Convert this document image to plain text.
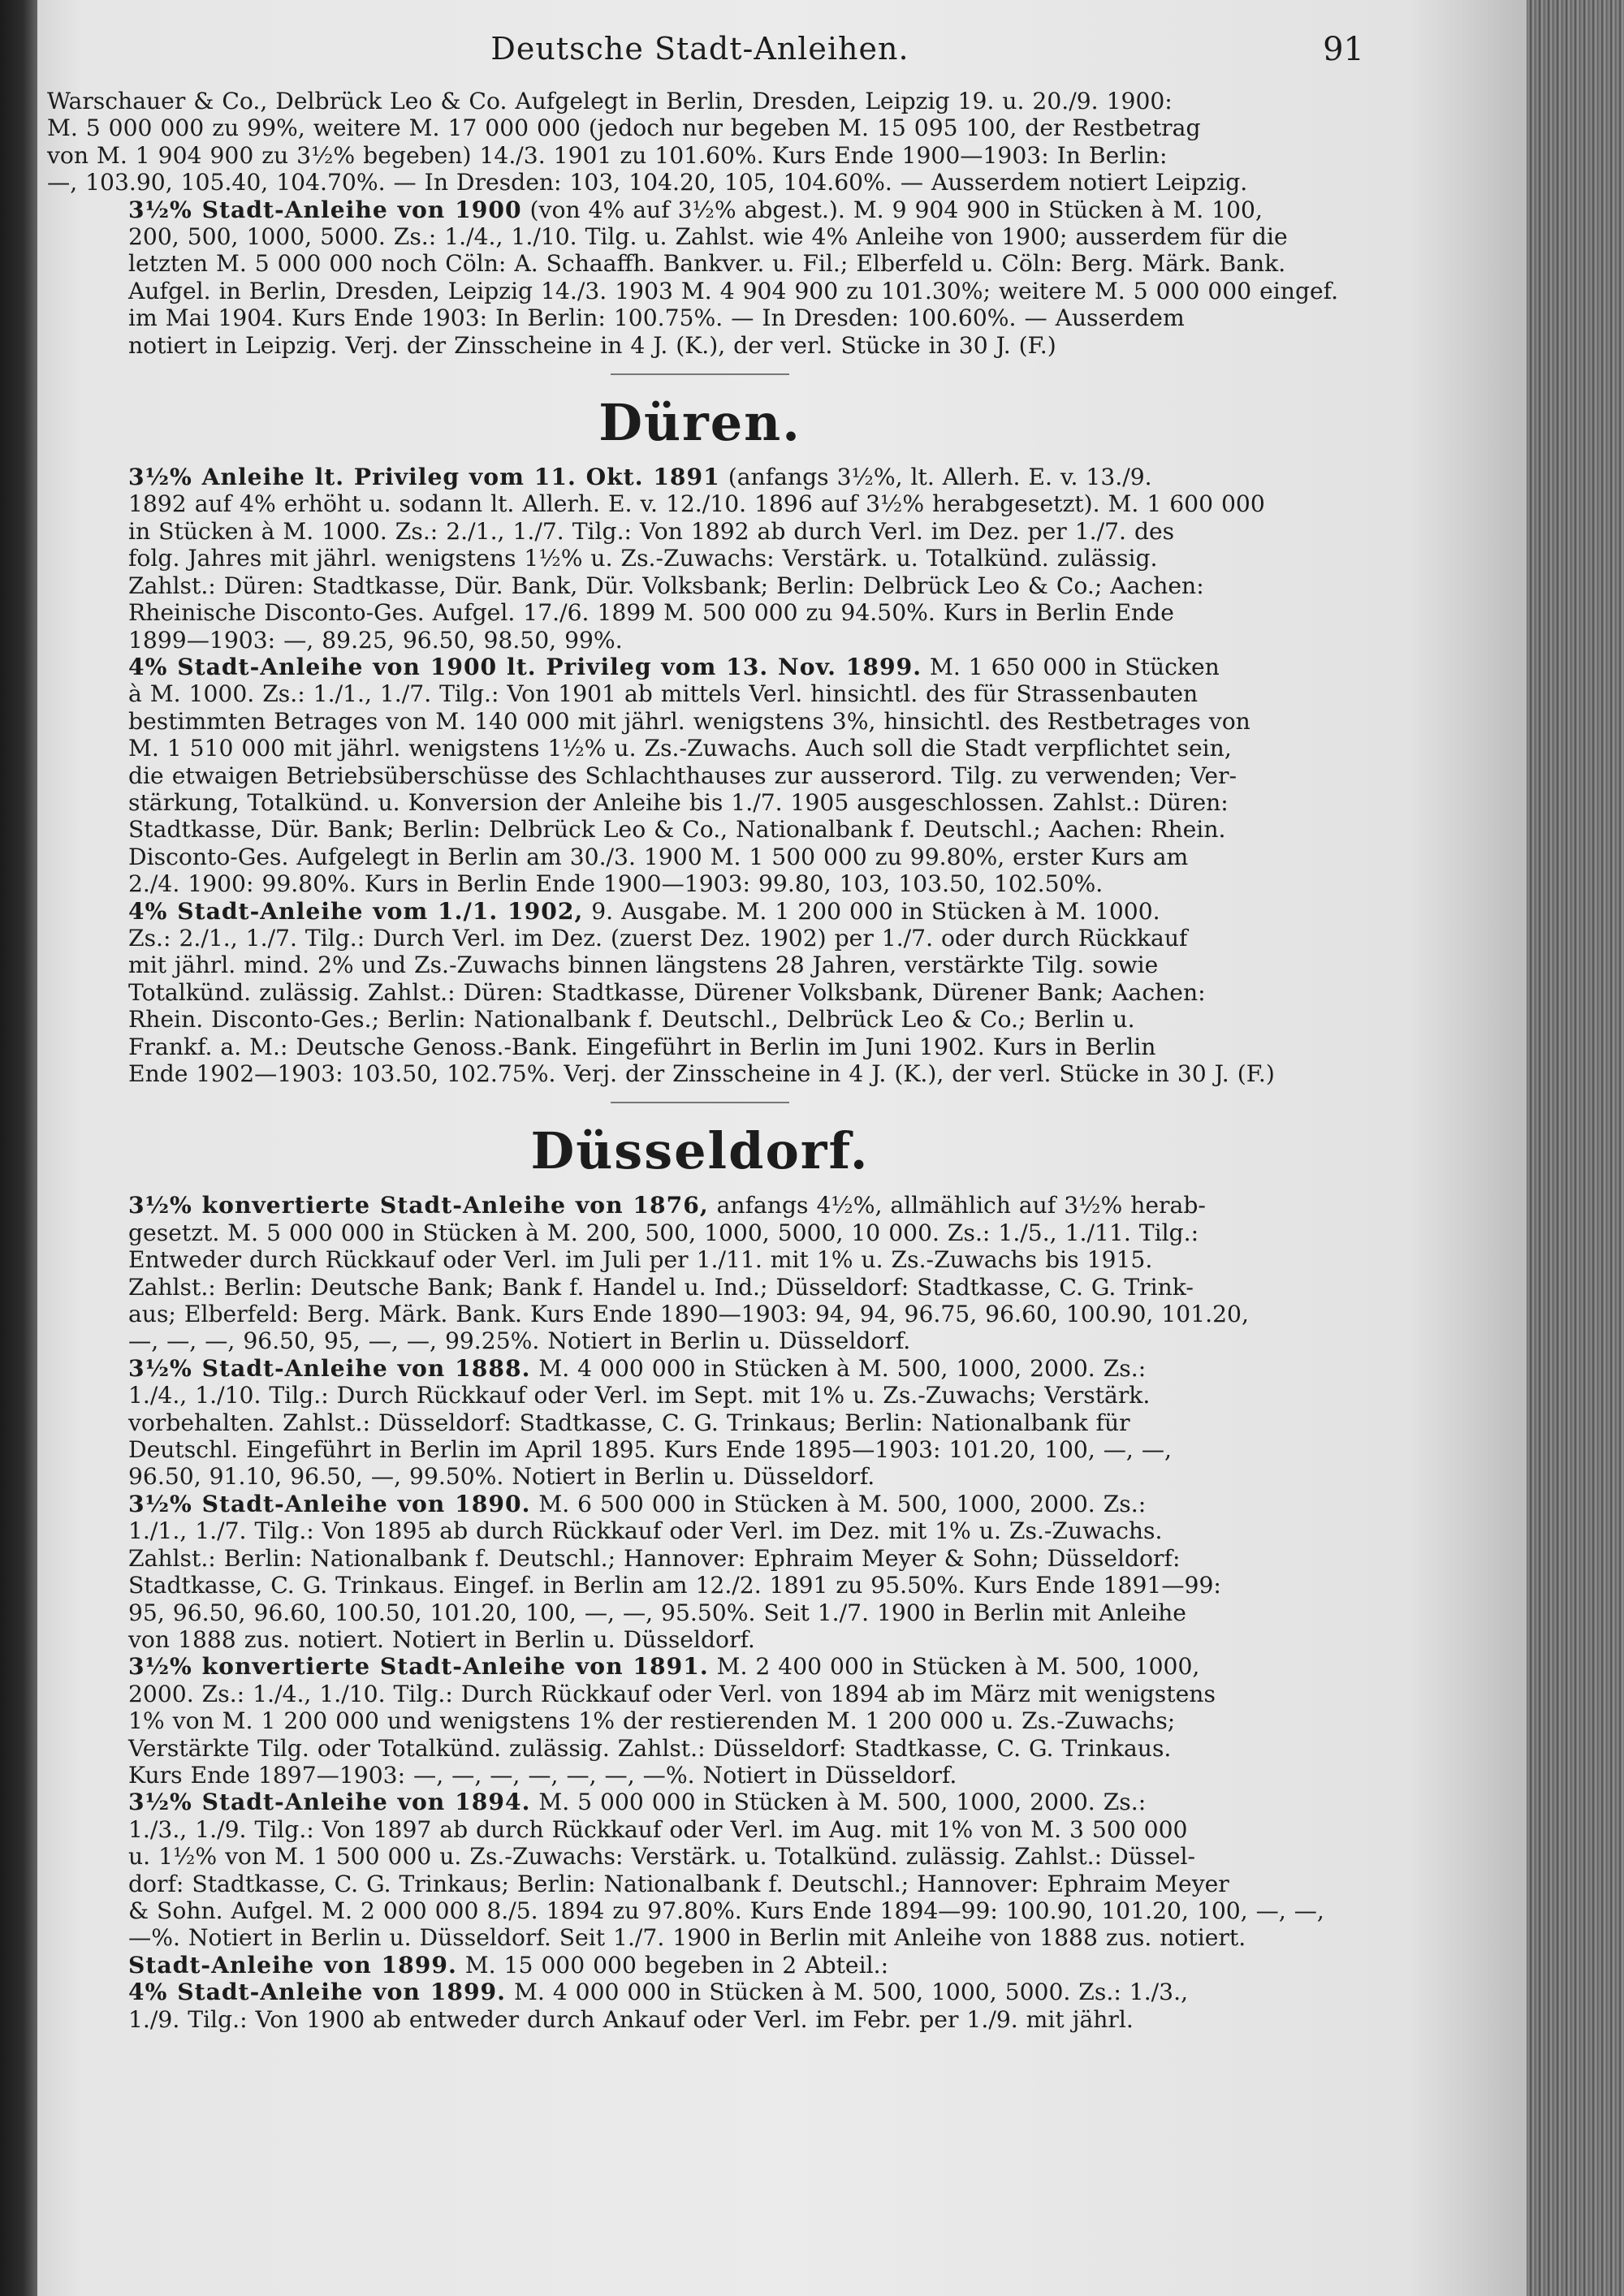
Deutsche Stadt-Anleihen.	91

Warschauer & Co., Delbrück Leo & Co. Aufgelegt in Berlin, Dresden, Leipzig 19. u. 20./9. 1900:
M. 5 000 000 zu 99%, weitere M. 17 000 000 (jedoch nur begeben M. 15 095 100, der Restbetrag
von M. 1 904 900 zu 3½% begeben) 14./3. 1901 zu 101.60%. Kurs Ende 1900—1903: In Berlin:
—, 103.90, 105.40, 104.70%. — In Dresden: 103, 104.20, 105, 104.60%. — Ausserdem notiert Leipzig.

3½% Stadt-Anleihe von 1900 (von 4% auf 3½% abgest.). M. 9 904 900 in Stücken à M. 100,
200, 500, 1000, 5000. Zs.: 1./4., 1./10. Tilg. u. Zahlst. wie 4% Anleihe von 1900; ausserdem für die
letzten M. 5 000 000 noch Cöln: A. Schaaffh. Bankver. u. Fil.; Elberfeld u. Cöln: Berg. Märk. Bank.
Aufgel. in Berlin, Dresden, Leipzig 14./3. 1903 M. 4 904 900 zu 101.30%; weitere M. 5 000 000 eingef.
im Mai 1904. Kurs Ende 1903: In Berlin: 100.75%. — In Dresden: 100.60%. — Ausserdem
notiert in Leipzig. Verj. der Zinsscheine in 4 J. (K.), der verl. Stücke in 30 J. (F.)

Düren.

3½% Anleihe lt. Privileg vom 11. Okt. 1891 (anfangs 3½%, lt. Allerh. E. v. 13./9.
1892 auf 4% erhöht u. sodann lt. Allerh. E. v. 12./10. 1896 auf 3½% herabgesetzt). M. 1 600 000
in Stücken à M. 1000. Zs.: 2./1., 1./7. Tilg.: Von 1892 ab durch Verl. im Dez. per 1./7. des
folg. Jahres mit jährl. wenigstens 1½% u. Zs.-Zuwachs: Verstärk. u. Totalkünd. zulässig.
Zahlst.: Düren: Stadtkasse, Dür. Bank, Dür. Volksbank; Berlin: Delbrück Leo & Co.; Aachen:
Rheinische Disconto-Ges. Aufgel. 17./6. 1899 M. 500 000 zu 94.50%. Kurs in Berlin Ende
1899—1903: —, 89.25, 96.50, 98.50, 99%.

4% Stadt-Anleihe von 1900 lt. Privileg vom 13. Nov. 1899. M. 1 650 000 in Stücken
à M. 1000. Zs.: 1./1., 1./7. Tilg.: Von 1901 ab mittels Verl. hinsichtl. des für Strassenbauten
bestimmten Betrages von M. 140 000 mit jährl. wenigstens 3%, hinsichtl. des Restbetrages von
M. 1 510 000 mit jährl. wenigstens 1½% u. Zs.-Zuwachs. Auch soll die Stadt verpflichtet sein,
die etwaigen Betriebsüberschüsse des Schlachthauses zur ausserord. Tilg. zu verwenden; Ver-
stärkung, Totalkünd. u. Konversion der Anleihe bis 1./7. 1905 ausgeschlossen. Zahlst.: Düren:
Stadtkasse, Dür. Bank; Berlin: Delbrück Leo & Co., Nationalbank f. Deutschl.; Aachen: Rhein.
Disconto-Ges. Aufgelegt in Berlin am 30./3. 1900 M. 1 500 000 zu 99.80%, erster Kurs am
2./4. 1900: 99.80%. Kurs in Berlin Ende 1900—1903: 99.80, 103, 103.50, 102.50%.

4% Stadt-Anleihe vom 1./1. 1902, 9. Ausgabe. M. 1 200 000 in Stücken à M. 1000.
Zs.: 2./1., 1./7. Tilg.: Durch Verl. im Dez. (zuerst Dez. 1902) per 1./7. oder durch Rückkauf
mit jährl. mind. 2% und Zs.-Zuwachs binnen längstens 28 Jahren, verstärkte Tilg. sowie
Totalkünd. zulässig. Zahlst.: Düren: Stadtkasse, Dürener Volksbank, Dürener Bank; Aachen:
Rhein. Disconto-Ges.; Berlin: Nationalbank f. Deutschl., Delbrück Leo & Co.; Berlin u.
Frankf. a. M.: Deutsche Genoss.-Bank. Eingeführt in Berlin im Juni 1902. Kurs in Berlin
Ende 1902—1903: 103.50, 102.75%. Verj. der Zinsscheine in 4 J. (K.), der verl. Stücke in 30 J. (F.)

Düsseldorf.

3½% konvertierte Stadt-Anleihe von 1876, anfangs 4½%, allmählich auf 3½% herab-
gesetzt. M. 5 000 000 in Stücken à M. 200, 500, 1000, 5000, 10 000. Zs.: 1./5., 1./11. Tilg.:
Entweder durch Rückkauf oder Verl. im Juli per 1./11. mit 1% u. Zs.-Zuwachs bis 1915.
Zahlst.: Berlin: Deutsche Bank; Bank f. Handel u. Ind.; Düsseldorf: Stadtkasse, C. G. Trink-
aus; Elberfeld: Berg. Märk. Bank. Kurs Ende 1890—1903: 94, 94, 96.75, 96.60, 100.90, 101.20,
—, —, —, 96.50, 95, —, —, 99.25%. Notiert in Berlin u. Düsseldorf.

3½% Stadt-Anleihe von 1888. M. 4 000 000 in Stücken à M. 500, 1000, 2000. Zs.:
1./4., 1./10. Tilg.: Durch Rückkauf oder Verl. im Sept. mit 1% u. Zs.-Zuwachs; Verstärk.
vorbehalten. Zahlst.: Düsseldorf: Stadtkasse, C. G. Trinkaus; Berlin: Nationalbank für
Deutschl. Eingeführt in Berlin im April 1895. Kurs Ende 1895—1903: 101.20, 100, —, —,
96.50, 91.10, 96.50, —, 99.50%. Notiert in Berlin u. Düsseldorf.

3½% Stadt-Anleihe von 1890. M. 6 500 000 in Stücken à M. 500, 1000, 2000. Zs.:
1./1., 1./7. Tilg.: Von 1895 ab durch Rückkauf oder Verl. im Dez. mit 1% u. Zs.-Zuwachs.
Zahlst.: Berlin: Nationalbank f. Deutschl.; Hannover: Ephraim Meyer & Sohn; Düsseldorf:
Stadtkasse, C. G. Trinkaus. Eingef. in Berlin am 12./2. 1891 zu 95.50%. Kurs Ende 1891—99:
95, 96.50, 96.60, 100.50, 101.20, 100, —, —, 95.50%. Seit 1./7. 1900 in Berlin mit Anleihe
von 1888 zus. notiert. Notiert in Berlin u. Düsseldorf.

3½% konvertierte Stadt-Anleihe von 1891. M. 2 400 000 in Stücken à M. 500, 1000,
2000. Zs.: 1./4., 1./10. Tilg.: Durch Rückkauf oder Verl. von 1894 ab im März mit wenigstens
1% von M. 1 200 000 und wenigstens 1% der restierenden M. 1 200 000 u. Zs.-Zuwachs;
Verstärkte Tilg. oder Totalkünd. zulässig. Zahlst.: Düsseldorf: Stadtkasse, C. G. Trinkaus.
Kurs Ende 1897—1903: —, —, —, —, —, —, —%. Notiert in Düsseldorf.

3½% Stadt-Anleihe von 1894. M. 5 000 000 in Stücken à M. 500, 1000, 2000. Zs.:
1./3., 1./9. Tilg.: Von 1897 ab durch Rückkauf oder Verl. im Aug. mit 1% von M. 3 500 000
u. 1½% von M. 1 500 000 u. Zs.-Zuwachs: Verstärk. u. Totalkünd. zulässig. Zahlst.: Düssel-
dorf: Stadtkasse, C. G. Trinkaus; Berlin: Nationalbank f. Deutschl.; Hannover: Ephraim Meyer
& Sohn. Aufgel. M. 2 000 000 8./5. 1894 zu 97.80%. Kurs Ende 1894—99: 100.90, 101.20, 100, —, —,
—%. Notiert in Berlin u. Düsseldorf. Seit 1./7. 1900 in Berlin mit Anleihe von 1888 zus. notiert.

Stadt-Anleihe von 1899. M. 15 000 000 begeben in 2 Abteil.:

4% Stadt-Anleihe von 1899. M. 4 000 000 in Stücken à M. 500, 1000, 5000. Zs.: 1./3.,
1./9. Tilg.: Von 1900 ab entweder durch Ankauf oder Verl. im Febr. per 1./9. mit jährl.
